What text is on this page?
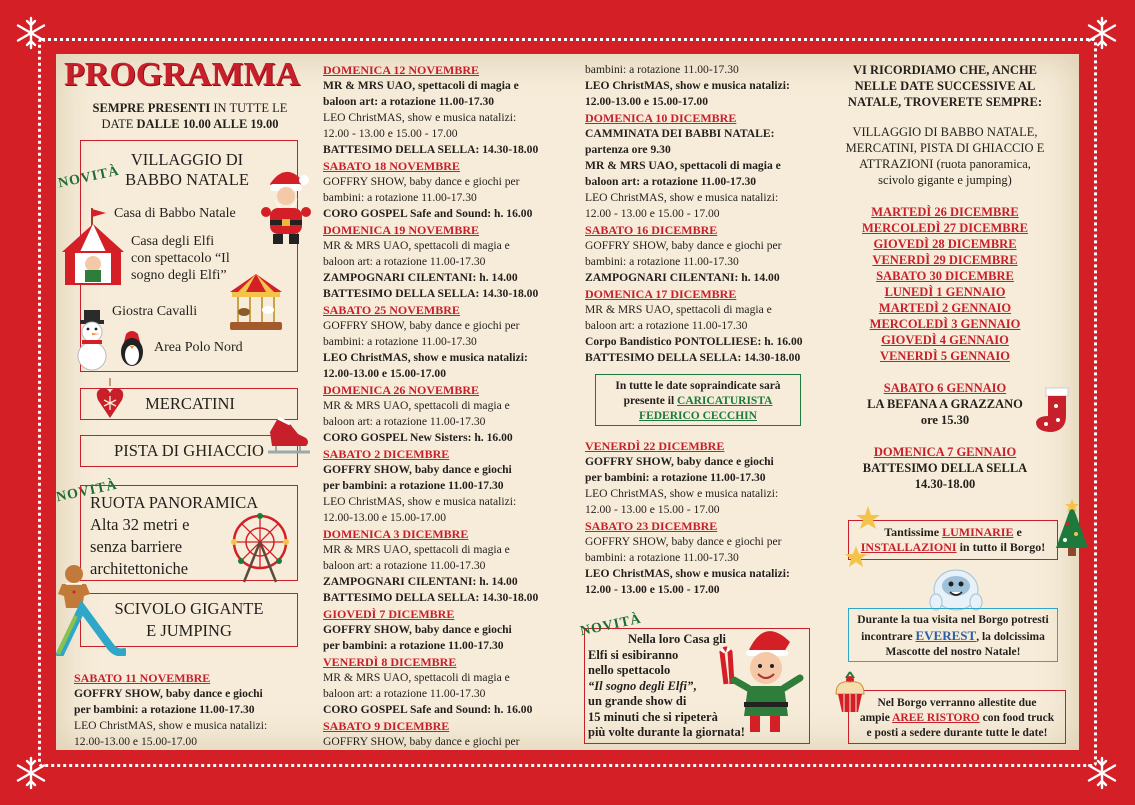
PROGRAMMA
SEMPRE PRESENTI IN TUTTE LE
DATE DALLE 10.00 ALLE 19.00
NOVITÀ
VILLAGGIO DI
BABBO NATALE
Casa di Babbo Natale
Casa degli Elfi
con spettacolo “Il
sogno degli Elfi”
Giostra Cavalli
Area Polo Nord
MERCATINI
PISTA DI GHIACCIO
NOVITÀ
RUOTA PANORAMICA
Alta 32 metri e
senza barriere
architettoniche
SCIVOLO GIGANTE
E JUMPING
SABATO 11 NOVEMBRE
GOFFRY SHOW, baby dance e giochi
per bambini: a rotazione 11.00-17.30
LEO ChristMAS, show e musica natalizi:
12.00-13.00 e 15.00-17.00
DOMENICA 12 NOVEMBRE
MR & MRS UAO, spettacoli di magia e
baloon art: a rotazione 11.00-17.30
LEO ChristMAS, show e musica natalizi:
12.00 - 13.00 e 15.00 - 17.00
BATTESIMO DELLA SELLA: 14.30-18.00
SABATO 18 NOVEMBRE
GOFFRY SHOW, baby dance e giochi per
bambini: a rotazione 11.00-17.30
CORO GOSPEL Safe and Sound: h. 16.00
DOMENICA 19 NOVEMBRE
MR & MRS UAO, spettacoli di magia e
baloon art: a rotazione 11.00-17.30
ZAMPOGNARI CILENTANI: h. 14.00
BATTESIMO DELLA SELLA: 14.30-18.00
SABATO 25 NOVEMBRE
GOFFRY SHOW, baby dance e giochi per
bambini: a rotazione 11.00-17.30
LEO ChristMAS, show e musica natalizi:
12.00-13.00 e 15.00-17.00
DOMENICA 26 NOVEMBRE
MR & MRS UAO, spettacoli di magia e
baloon art: a rotazione 11.00-17.30
CORO GOSPEL New Sisters: h. 16.00
SABATO 2 DICEMBRE
GOFFRY SHOW, baby dance e giochi
per bambini: a rotazione 11.00-17.30
LEO ChristMAS, show e musica natalizi:
12.00-13.00 e 15.00-17.00
DOMENICA 3 DICEMBRE
MR & MRS UAO, spettacoli di magia e
baloon art: a rotazione 11.00-17.30
ZAMPOGNARI CILENTANI: h. 14.00
BATTESIMO DELLA SELLA: 14.30-18.00
GIOVEDÌ 7 DICEMBRE
GOFFRY SHOW, baby dance e giochi
per bambini: a rotazione 11.00-17.30
VENERDÌ 8 DICEMBRE
MR & MRS UAO, spettacoli di magia e
baloon art: a rotazione 11.00-17.30
CORO GOSPEL Safe and Sound: h. 16.00
SABATO 9 DICEMBRE
GOFFRY SHOW, baby dance e giochi per
bambini: a rotazione 11.00-17.30
LEO ChristMAS, show e musica natalizi:
12.00-13.00 e 15.00-17.00
DOMENICA 10 DICEMBRE
CAMMINATA DEI BABBI NATALE:
partenza ore 9.30
MR & MRS UAO, spettacoli di magia e
baloon art: a rotazione 11.00-17.30
LEO ChristMAS, show e musica natalizi:
12.00 - 13.00 e 15.00 - 17.00
SABATO 16 DICEMBRE
GOFFRY SHOW, baby dance e giochi per
bambini: a rotazione 11.00-17.30
ZAMPOGNARI CILENTANI: h. 14.00
DOMENICA 17 DICEMBRE
MR & MRS UAO, spettacoli di magia e
baloon art: a rotazione 11.00-17.30
Corpo Bandistico PONTOLLIESE: h. 16.00
BATTESIMO DELLA SELLA: 14.30-18.00
In tutte le date sopraindicate sarà
presente il CARICATURISTA
FEDERICO CECCHIN
VENERDÌ 22 DICEMBRE
GOFFRY SHOW, baby dance e giochi
per bambini: a rotazione 11.00-17.30
LEO ChristMAS, show e musica natalizi:
12.00 - 13.00 e 15.00 - 17.00
SABATO 23 DICEMBRE
GOFFRY SHOW, baby dance e giochi per
bambini: a rotazione 11.00-17.30
LEO ChristMAS, show e musica natalizi:
12.00 - 13.00 e 15.00 - 17.00
NOVITÀ
Nella loro Casa gli
Elfi si esibiranno
nello spettacolo
“Il sogno degli Elfi”,
un grande show di
15 minuti che si ripeterà
più volte durante la giornata!
VI RICORDIAMO CHE, ANCHE
NELLE DATE SUCCESSIVE AL
NATALE, TROVERETE SEMPRE:
VILLAGGIO DI BABBO NATALE,
MERCATINI, PISTA DI GHIACCIO E
ATTRAZIONI (ruota panoramica,
scivolo gigante e jumping)
MARTEDÌ 26 DICEMBRE
MERCOLEDÌ 27 DICEMBRE
GIOVEDÌ 28 DICEMBRE
VENERDÌ 29 DICEMBRE
SABATO 30 DICEMBRE
LUNEDÌ 1 GENNAIO
MARTEDÌ 2 GENNAIO
MERCOLEDÌ 3 GENNAIO
GIOVEDÌ 4 GENNAIO
VENERDÌ 5 GENNAIO
SABATO 6 GENNAIO
LA BEFANA A GRAZZANO
ore 15.30
DOMENICA 7 GENNAIO
BATTESIMO DELLA SELLA
14.30-18.00
Tantissime LUMINARIE e
INSTALLAZIONI in tutto il Borgo!
Durante la tua visita nel Borgo potresti
incontrare EVEREST, la dolcissima
Mascotte del nostro Natale!
Nel Borgo verranno allestite due
ampie AREE RISTORO con food truck
e posti a sedere durante tutte le date!
